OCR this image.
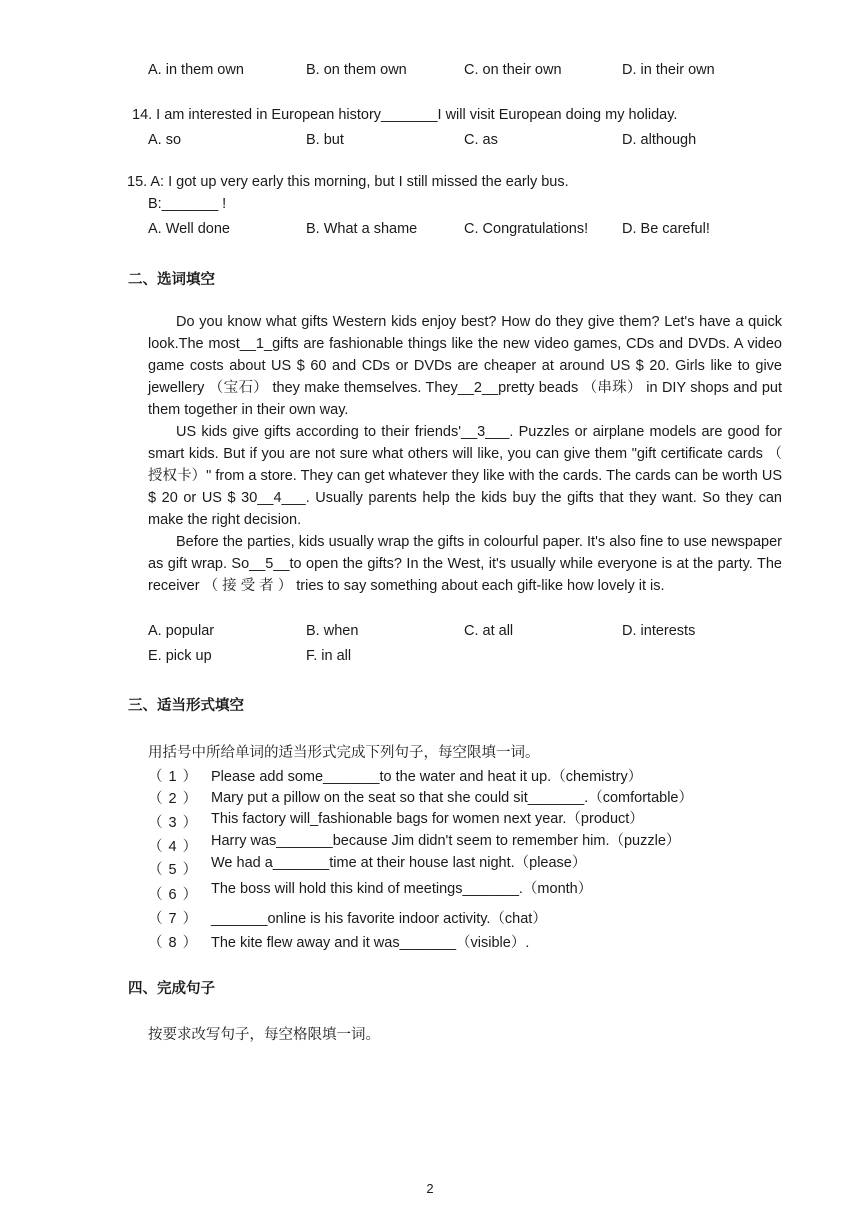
A. in them own	B. on them own	C. on their own	D. in their own
14. I am interested in European history_______I will visit European doing my holiday.
A. so	B. but	C. as	D. although
15. A: I got up very early this morning, but I still missed the early bus.
B:_______ !
A. Well done	B. What a shame	C. Congratulations! D. Be careful!
二、选词填空

Do you know what gifts Western kids enjoy best? How do they give them? Let's have a quick look.The most__1_gifts are fashionable things like the new video games, CDs and DVDs. A video game costs about US $ 60 and CDs or DVDs are cheaper at around US $ 20. Girls like to give jewellery （宝石） they make themselves. They__2__pretty beads （串珠） in DIY shops and put them together in their own way.

US kids give gifts according to their friends'__3___. Puzzles or airplane models are good for smart kids. But if you are not sure what others will like, you can give them "gift certificate cards （ 授权卡）" from a store. They can get whatever they like with the cards. The cards can be worth US $ 20 or US $ 30__4___. Usually parents help the kids buy the gifts that they want. So they can make the right decision.

Before the parties, kids usually wrap the gifts in colourful paper. It's also fine to use newspaper as gift wrap. So__5__to open the gifts? In the West, it's usually while everyone is at the party. The receiver （ 接 受 者 ） tries to say something about each gift-like how lovely it is.

A. popular	B. when	C. at all	D. interests
E. pick up	F. in all
三、适当形式填空
用括号中所给单词的适当形式完成下列句子，每空限填一词。
（ 1 ） Please add some_______to the water and heat it up.（chemistry）
（ 2 ） Mary put a pillow on the seat so that she could sit_______.（comfortable）
（ 3 ） This factory will_fashionable bags for women next year.（product）
（ 4 ） Harry was_______because Jim didn't seem to remember him.（puzzle）
（ 5 ） We had a_______time at their house last night.（please）
（ 6 ） The boss will hold this kind of meetings_______.（month）
（ 7 ） _______online is his favorite indoor activity.（chat）
（ 8 ） The kite flew away and it was_______（visible）.
四、完成句子
按要求改写句子，每空格限填一词。
2
